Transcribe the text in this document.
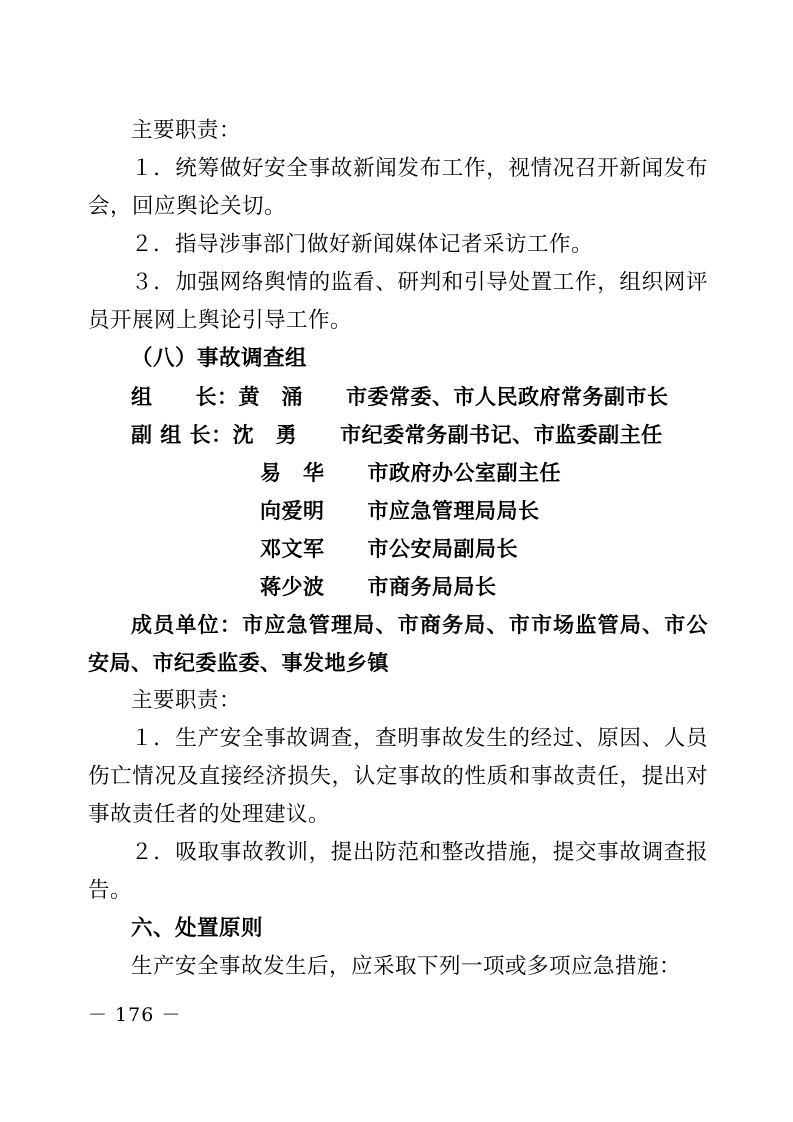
主要职责：

１．统筹做好安全事故新闻发布工作，视情况召开新闻发布会，回应舆论关切。

２．指导涉事部门做好新闻媒体记者采访工作。

３．加强网络舆情的监看、研判和引导处置工作，组织网评员开展网上舆论引导工作。

（八）事故调查组

组　　长：黄　涌　　市委常委、市人民政府常务副市长

副 组 长：沈　勇　　市纪委常务副书记、市监委副主任

易　华　　市政府办公室副主任

向爱明　　市应急管理局局长

邓文军　　市公安局副局长

蒋少波　　市商务局局长

成员单位：市应急管理局、市商务局、市市场监管局、市公安局、市纪委监委、事发地乡镇

主要职责：

１．生产安全事故调查，查明事故发生的经过、原因、人员伤亡情况及直接经济损失，认定事故的性质和事故责任，提出对事故责任者的处理建议。

２．吸取事故教训，提出防范和整改措施，提交事故调查报告。

六、处置原则

生产安全事故发生后，应采取下列一项或多项应急措施：

－ 176 －
